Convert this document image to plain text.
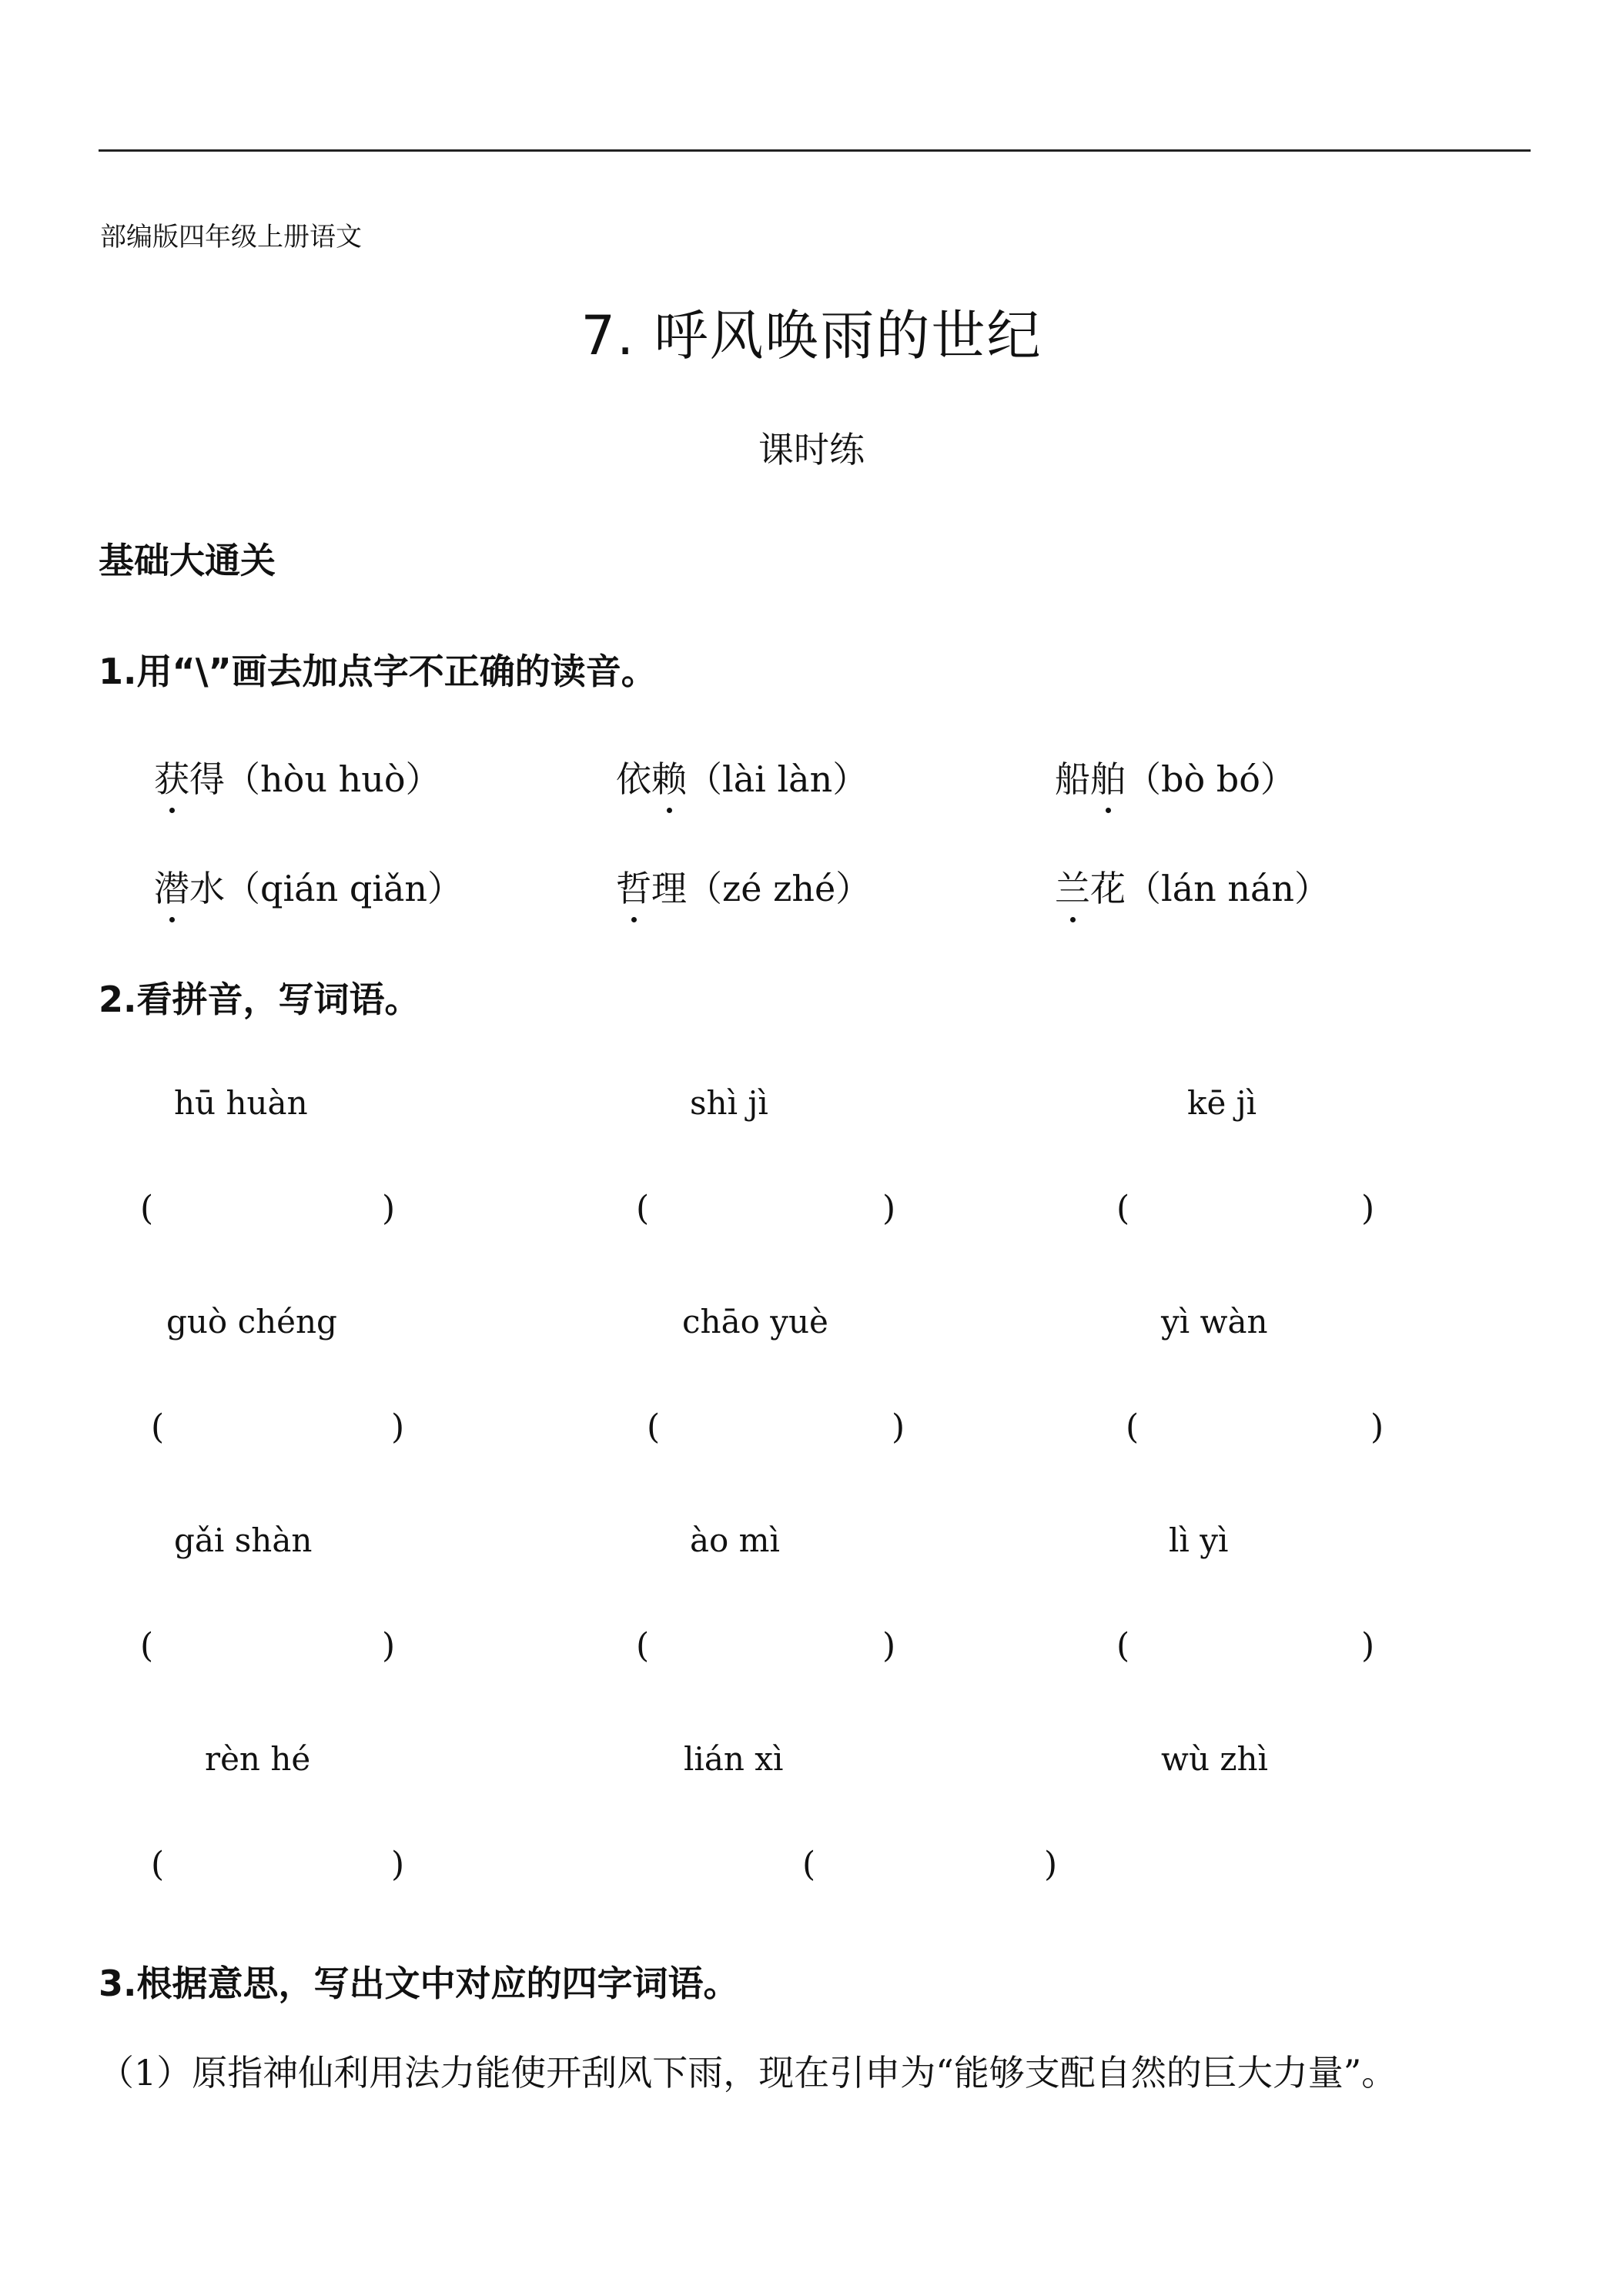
部编版四年级上册语文
7. 呼风唤雨的世纪
课时练
基础大通关
1.用“\”画去加点字不正确的读音。
获得（hòu huò）	依赖（lài làn）	船舶（bò bó）
潜水（qián qiǎn）	哲理（zé zhé）	兰花（lán nán）
2.看拼音，写词语。
hū huàn	shì jì	kē jì
(	)	(	)	(	)
guò chéng	chāo yuè	yì wàn
(	)	(	)	(	)
gǎi shàn	ào mì	lì yì
(	)	(	)	(	)
rèn hé	lián xì	wù zhì
(	)	(	)
3.根据意思，写出文中对应的四字词语。
（1）原指神仙利用法力能使开刮风下雨，现在引申为“能够支配自然的巨大力量”。
